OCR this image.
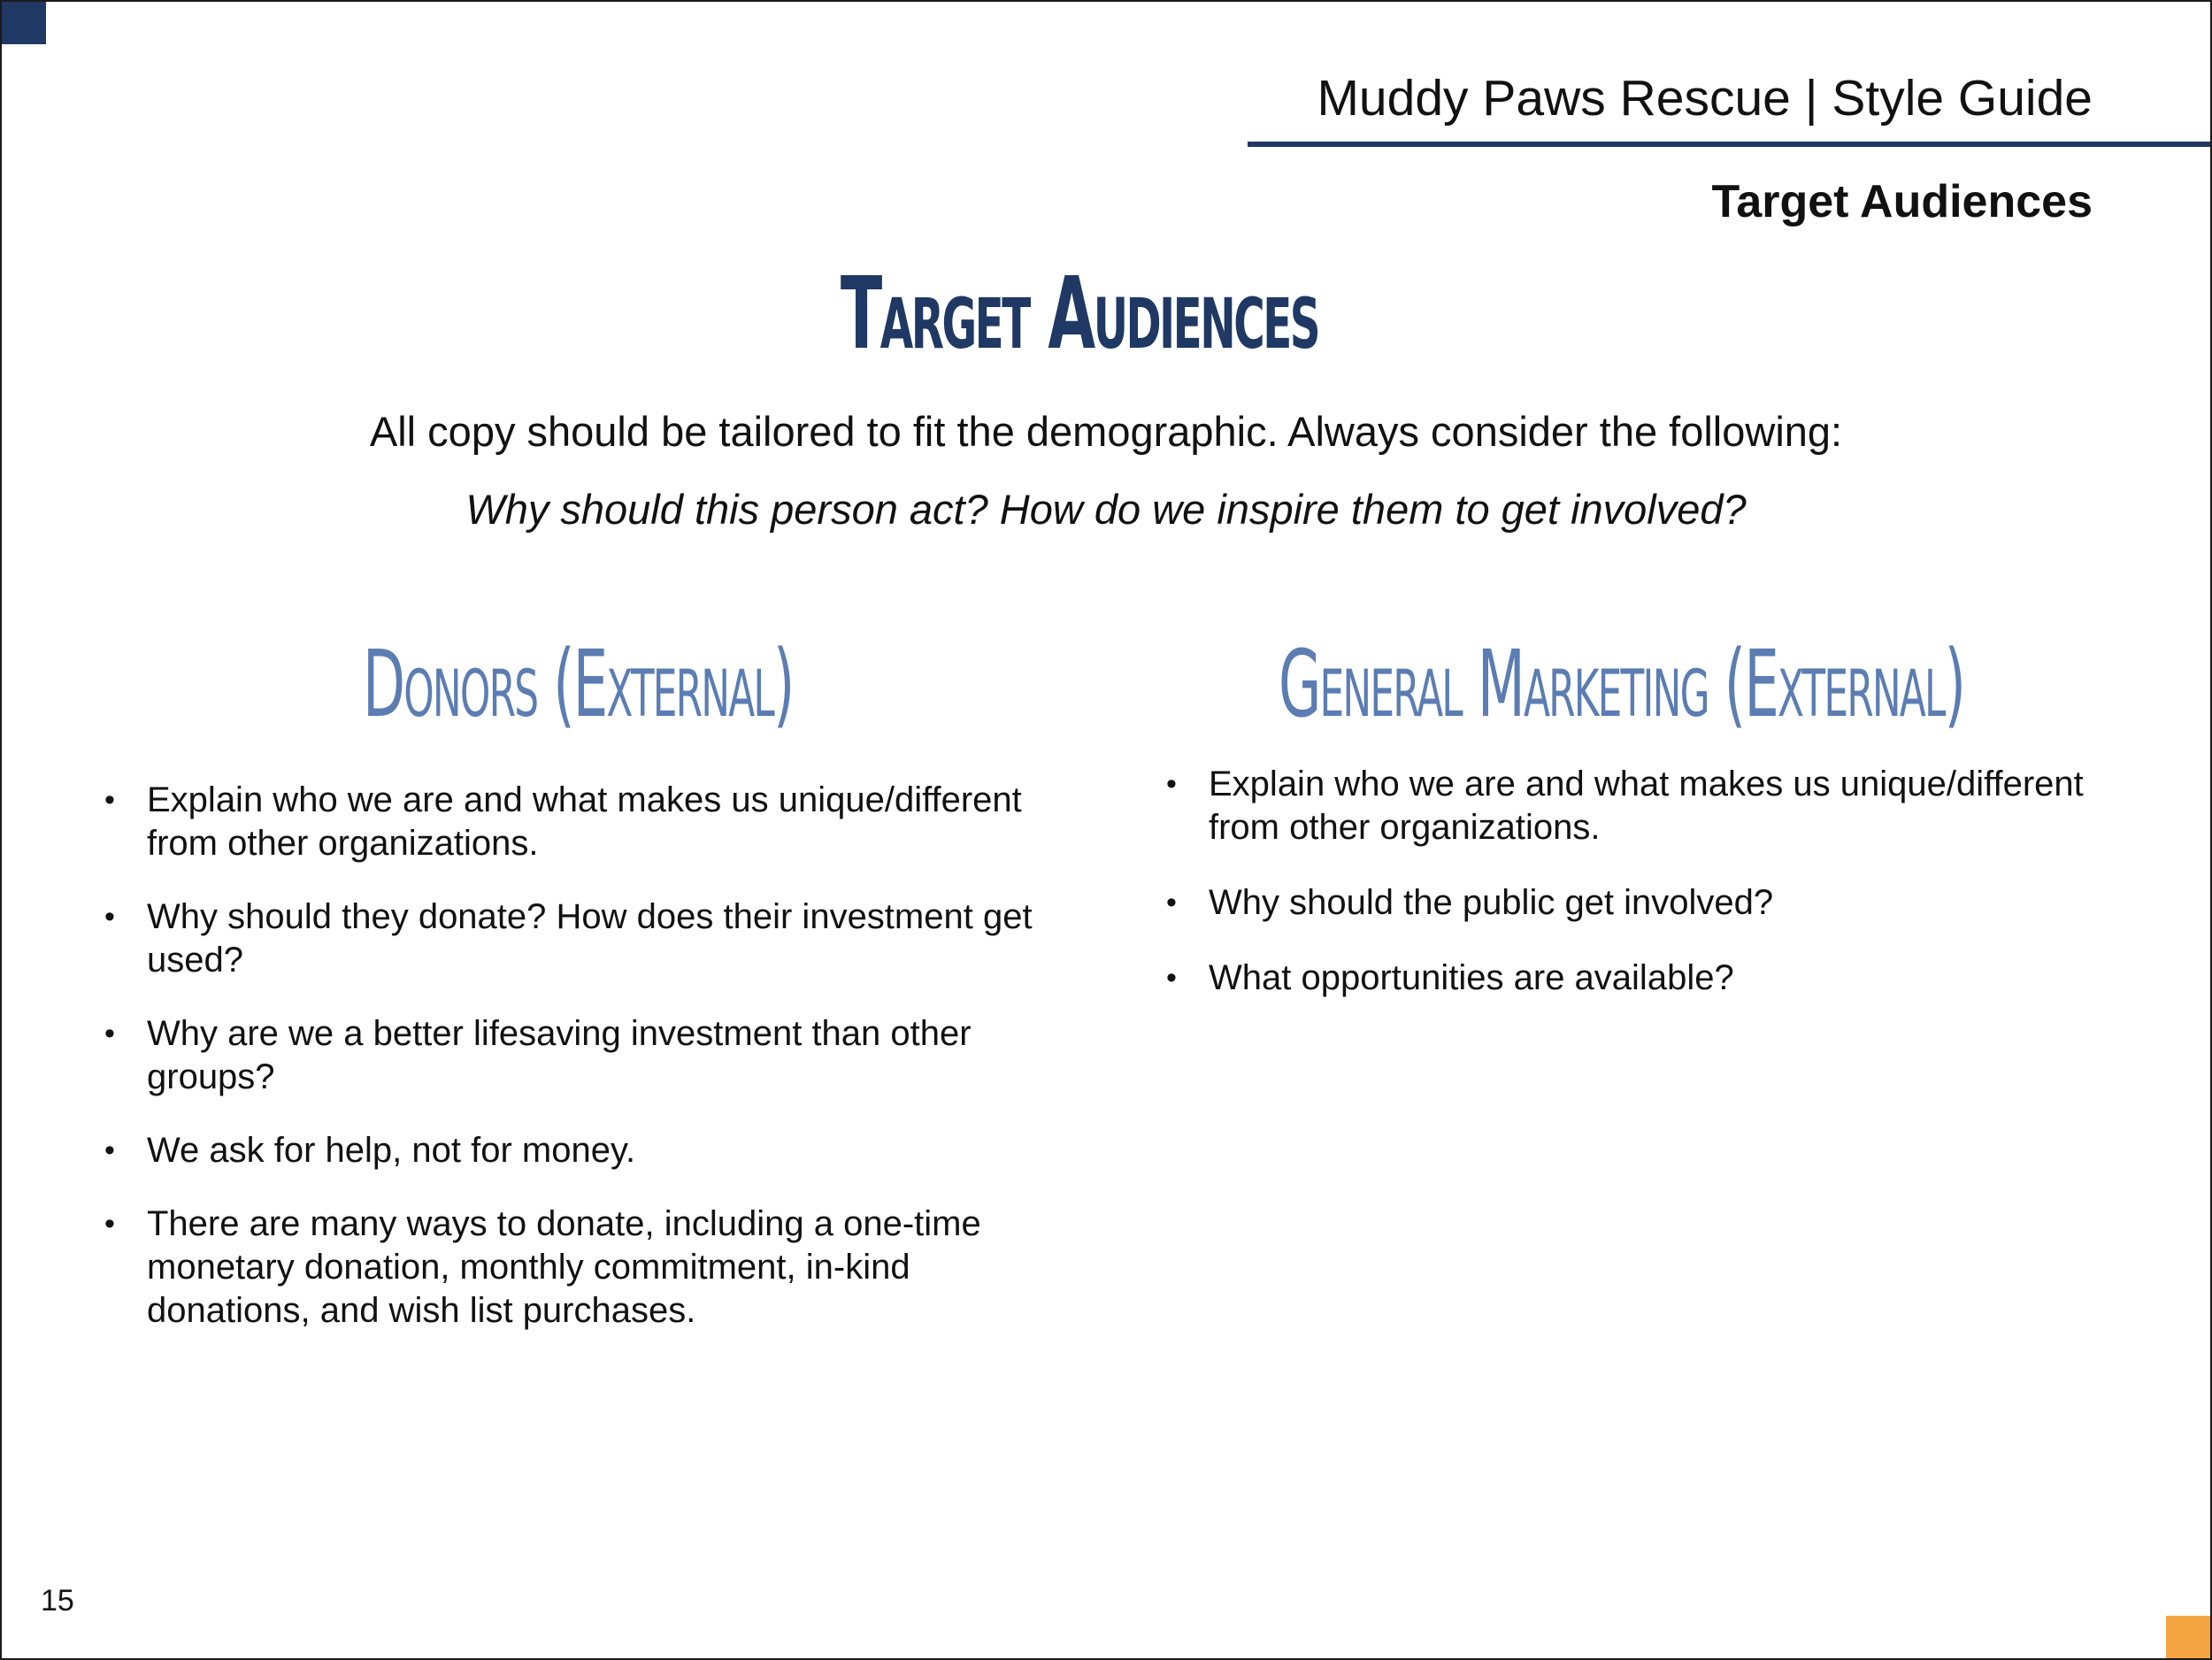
Muddy Paws Rescue | Style Guide
Target Audiences
Target Audiences
All copy should be tailored to fit the demographic. Always consider the following:
Why should this person act? How do we inspire them to get involved?
Donors (External)	General Marketing (External)
• Explain who we are and what makes us unique/different from other organizations.
• Why should they donate? How does their investment get used?
• Why are we a better lifesaving investment than other groups?
• We ask for help, not for money.
• There are many ways to donate, including a one-time monetary donation, monthly commitment, in-kind donations, and wish list purchases.
• Explain who we are and what makes us unique/different from other organizations.
• Why should the public get involved?
• What opportunities are available?
15
